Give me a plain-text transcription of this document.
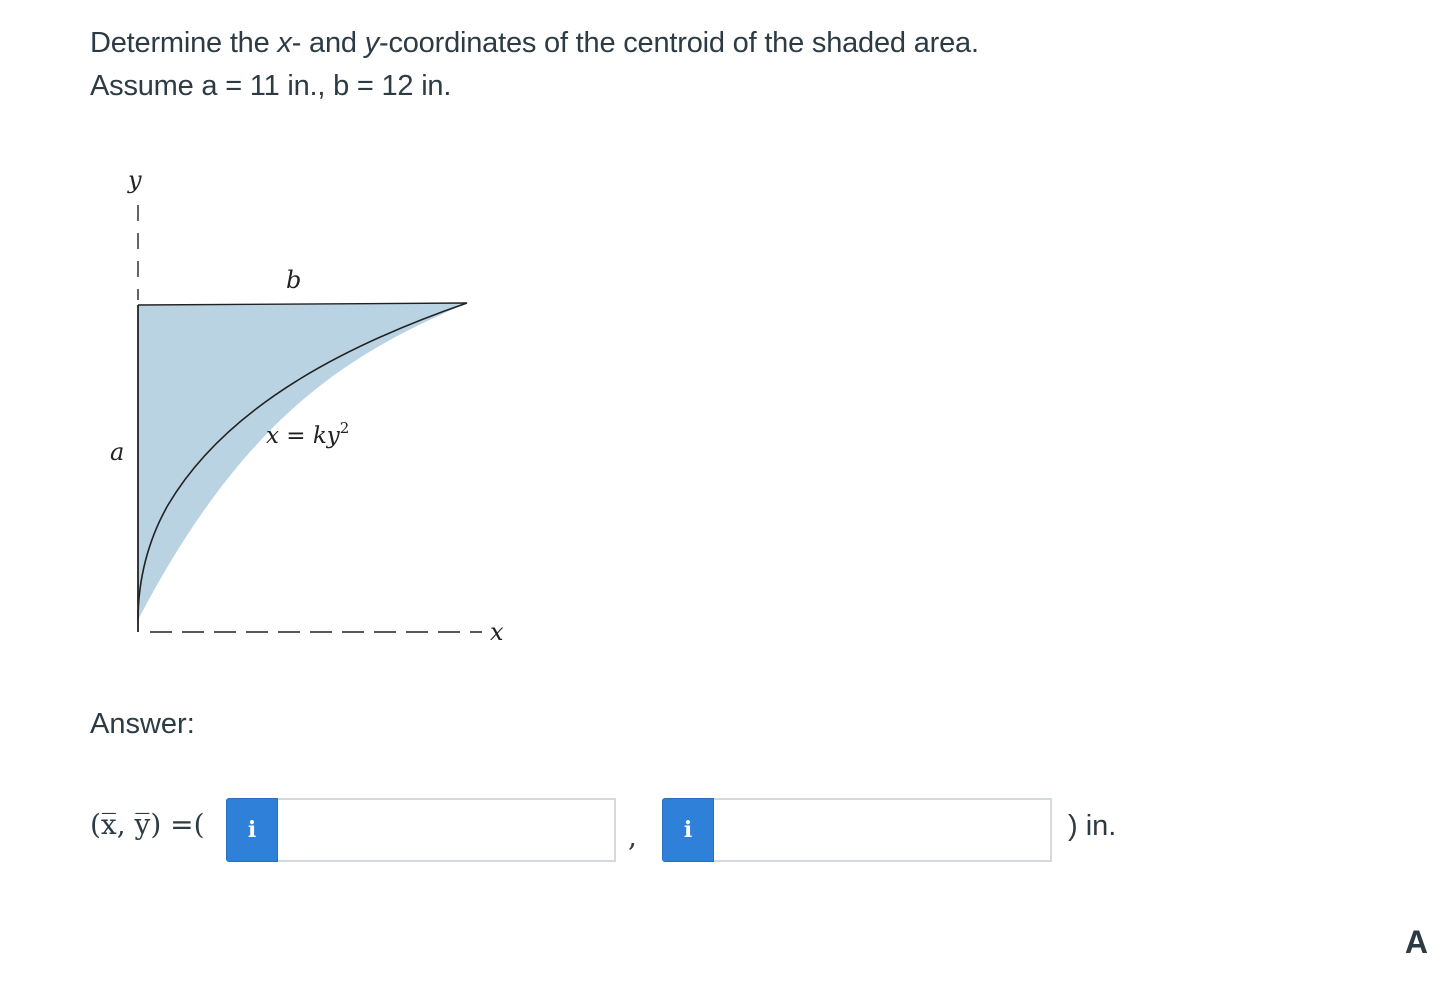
Determine the x- and y-coordinates of the centroid of the shaded area.
Assume a = 11 in., b = 12 in.
y
x
b
a
$x = ky^2$
Answer:
(x̅, y̅) =( i	, i	) in.
A
